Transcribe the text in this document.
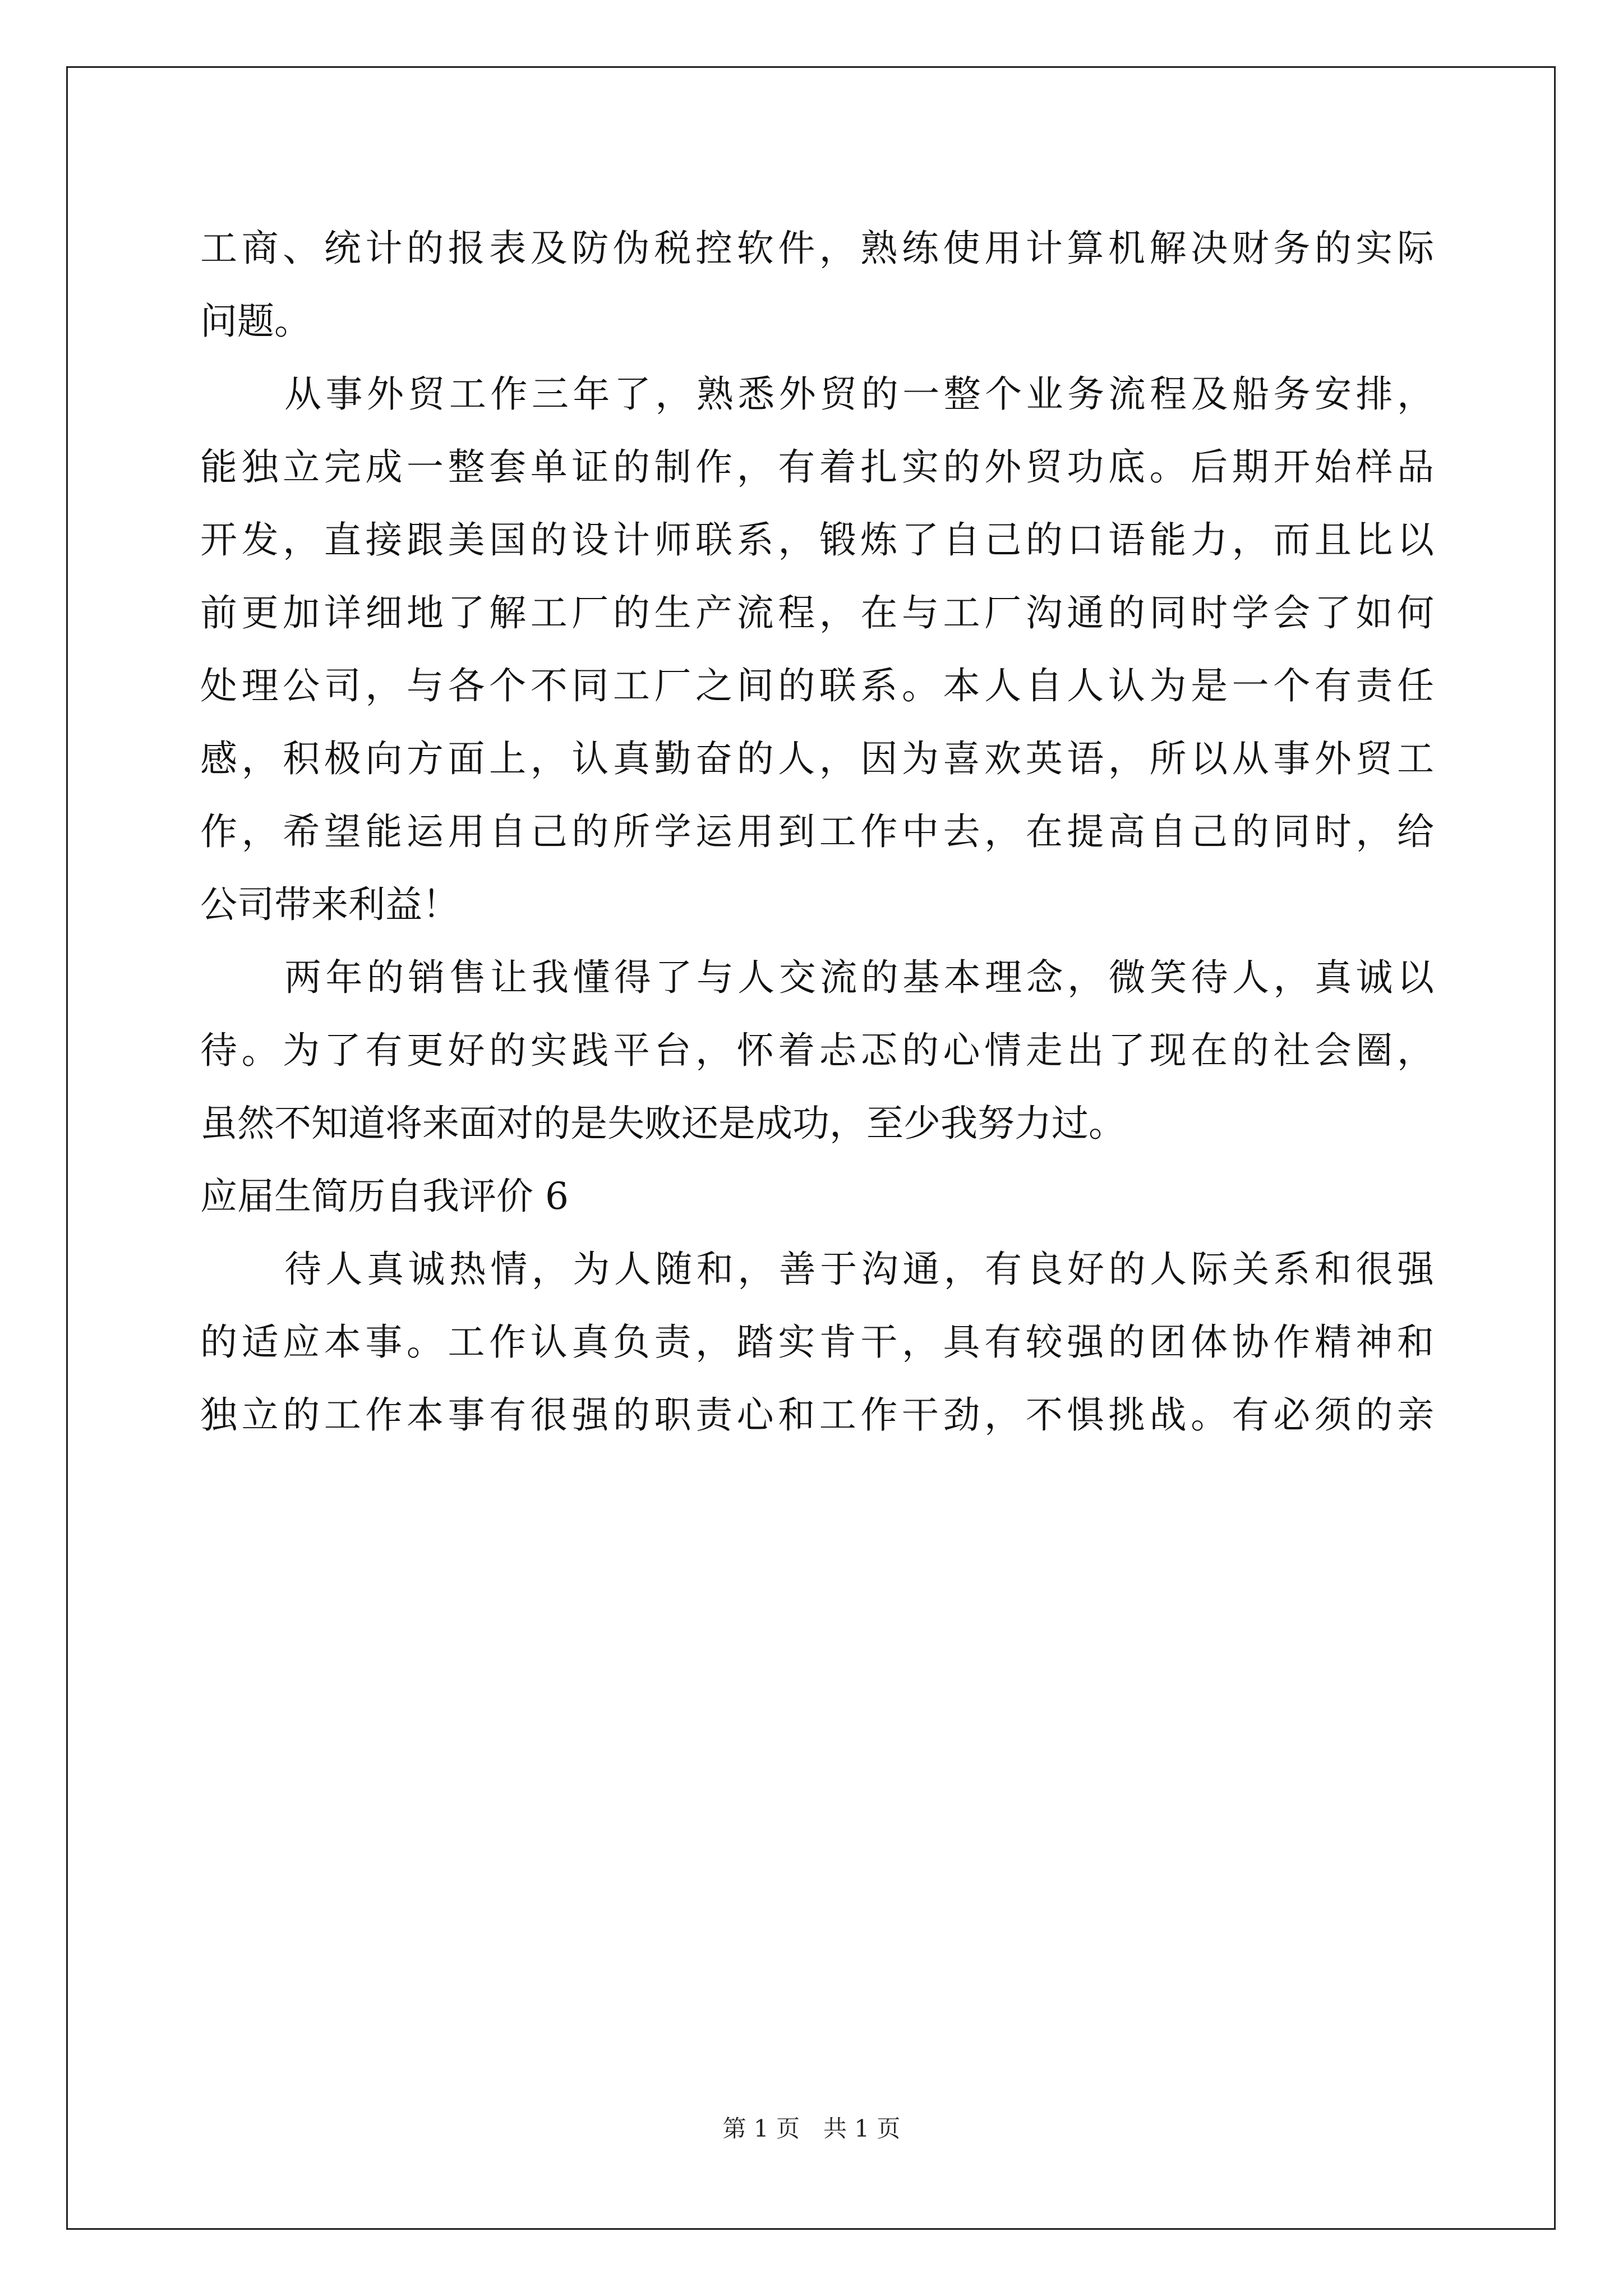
工商、统计的报表及防伪税控软件，熟练使用计算机解决财务的实际
问题。
从事外贸工作三年了，熟悉外贸的一整个业务流程及船务安排，
能独立完成一整套单证的制作，有着扎实的外贸功底。后期开始样品
开发，直接跟美国的设计师联系，锻炼了自己的口语能力，而且比以
前更加详细地了解工厂的生产流程，在与工厂沟通的同时学会了如何
处理公司，与各个不同工厂之间的联系。本人自人认为是一个有责任
感，积极向方面上，认真勤奋的人，因为喜欢英语，所以从事外贸工
作，希望能运用自己的所学运用到工作中去，在提高自己的同时，给
公司带来利益！
两年的销售让我懂得了与人交流的基本理念，微笑待人，真诚以
待。为了有更好的实践平台，怀着忐忑的心情走出了现在的社会圈，
虽然不知道将来面对的是失败还是成功，至少我努力过。
应届生简历自我评价 6
待人真诚热情，为人随和，善于沟通，有良好的人际关系和很强
的适应本事。工作认真负责，踏实肯干，具有较强的团体协作精神和
独立的工作本事有很强的职责心和工作干劲，不惧挑战。有必须的亲
第 1 页　共 1 页
